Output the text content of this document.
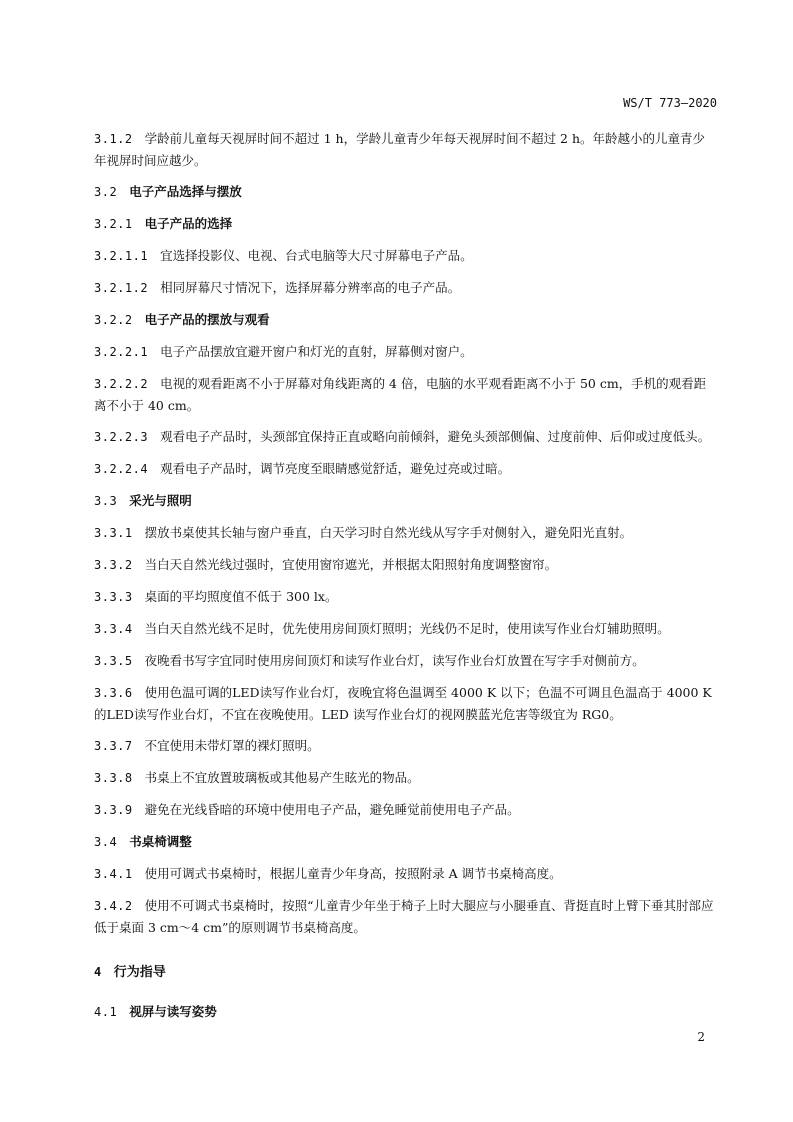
WS/T 773—2020

3.1.2 学龄前儿童每天视屏时间不超过 1 h，学龄儿童青少年每天视屏时间不超过 2 h。年龄越小的儿童青少年视屏时间应越少。

3.2 电子产品选择与摆放

3.2.1 电子产品的选择

3.2.1.1 宜选择投影仪、电视、台式电脑等大尺寸屏幕电子产品。

3.2.1.2 相同屏幕尺寸情况下，选择屏幕分辨率高的电子产品。

3.2.2 电子产品的摆放与观看

3.2.2.1 电子产品摆放宜避开窗户和灯光的直射，屏幕侧对窗户。

3.2.2.2 电视的观看距离不小于屏幕对角线距离的 4 倍，电脑的水平观看距离不小于 50 cm，手机的观看距离不小于 40 cm。

3.2.2.3 观看电子产品时，头颈部宜保持正直或略向前倾斜，避免头颈部侧偏、过度前伸、后仰或过度低头。

3.2.2.4 观看电子产品时，调节亮度至眼睛感觉舒适，避免过亮或过暗。

3.3 采光与照明

3.3.1 摆放书桌使其长轴与窗户垂直，白天学习时自然光线从写字手对侧射入，避免阳光直射。

3.3.2 当白天自然光线过强时，宜使用窗帘遮光，并根据太阳照射角度调整窗帘。

3.3.3 桌面的平均照度值不低于 300 lx。

3.3.4 当白天自然光线不足时，优先使用房间顶灯照明；光线仍不足时，使用读写作业台灯辅助照明。

3.3.5 夜晚看书写字宜同时使用房间顶灯和读写作业台灯，读写作业台灯放置在写字手对侧前方。

3.3.6 使用色温可调的LED读写作业台灯，夜晚宜将色温调至 4000 K 以下；色温不可调且色温高于 4000 K 的LED读写作业台灯，不宜在夜晚使用。LED 读写作业台灯的视网膜蓝光危害等级宜为 RG0。

3.3.7 不宜使用未带灯罩的裸灯照明。

3.3.8 书桌上不宜放置玻璃板或其他易产生眩光的物品。

3.3.9 避免在光线昏暗的环境中使用电子产品，避免睡觉前使用电子产品。

3.4 书桌椅调整

3.4.1 使用可调式书桌椅时，根据儿童青少年身高，按照附录 A 调节书桌椅高度。

3.4.2 使用不可调式书桌椅时，按照“儿童青少年坐于椅子上时大腿应与小腿垂直、背挺直时上臂下垂其肘部应低于桌面 3 cm～4 cm”的原则调节书桌椅高度。

4 行为指导

4.1 视屏与读写姿势

2
